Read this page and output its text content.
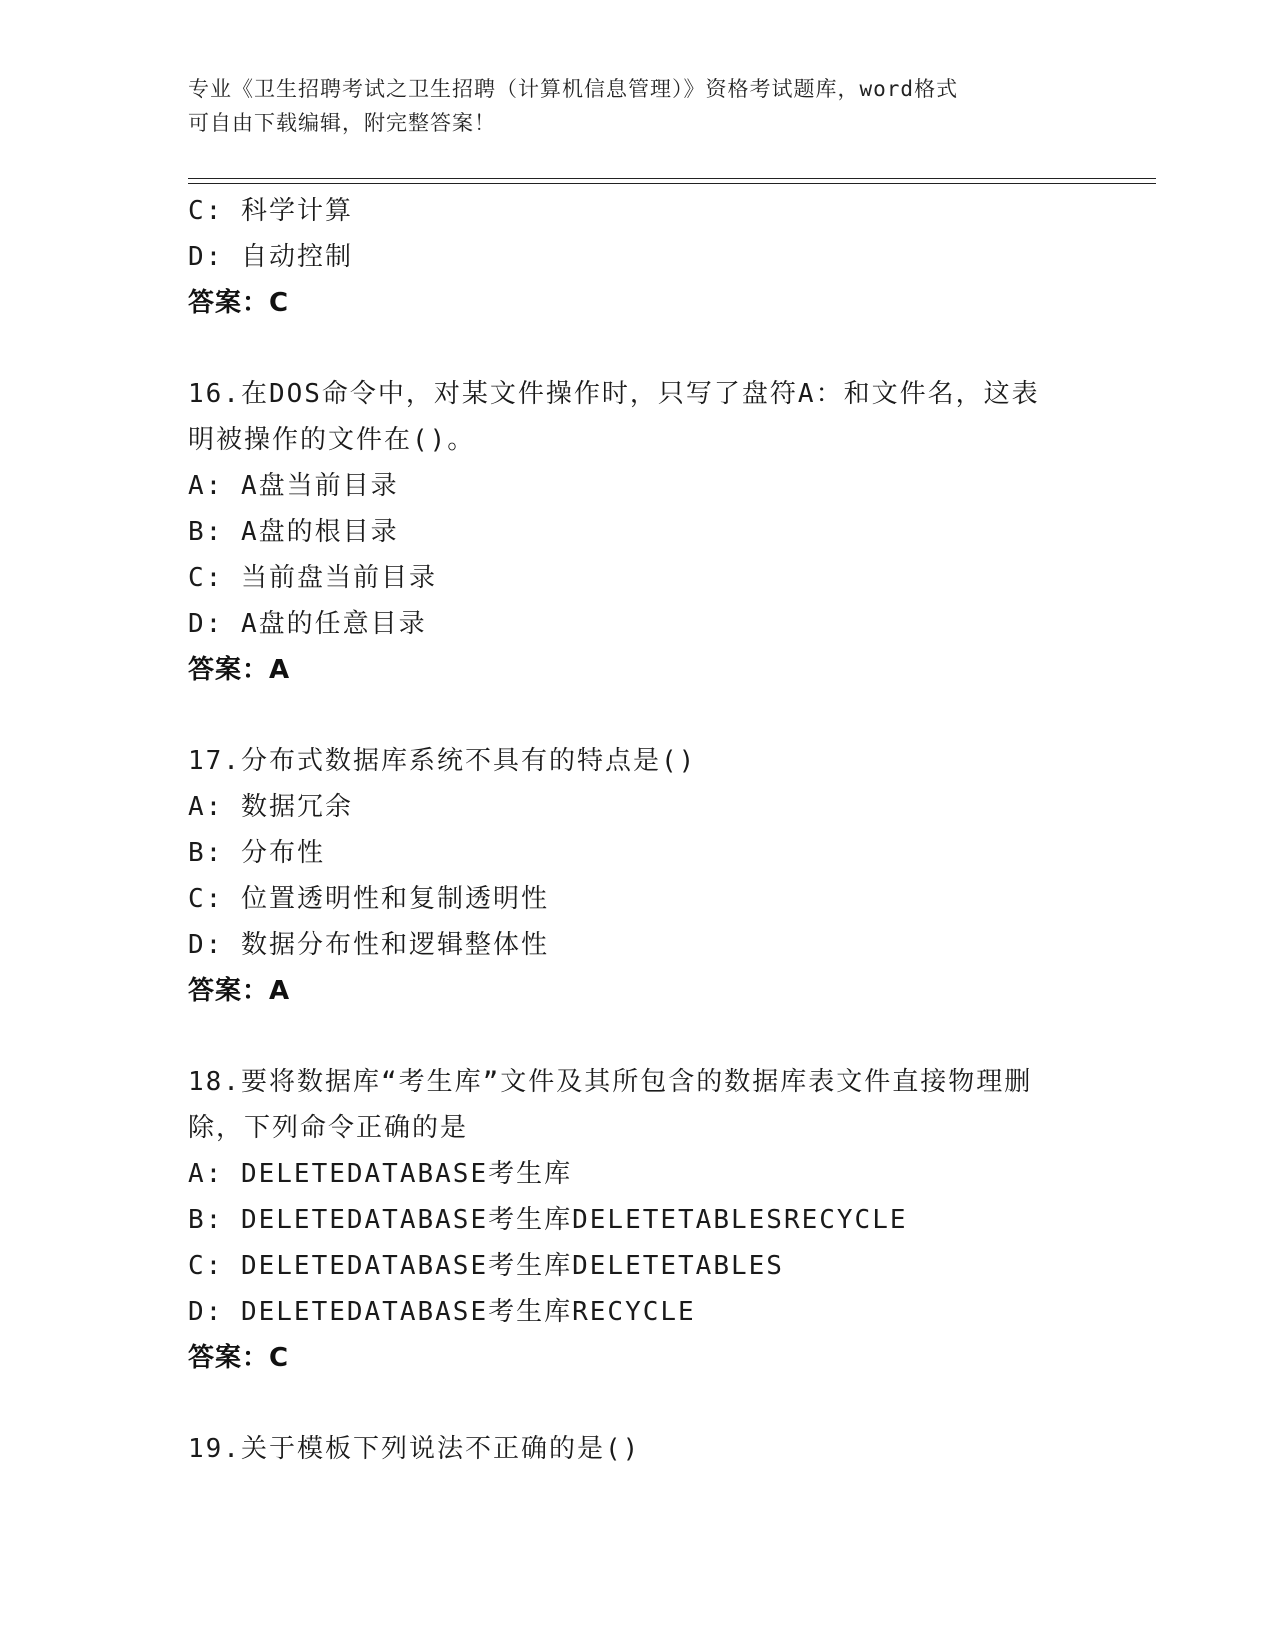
专业《卫生招聘考试之卫生招聘（计算机信息管理）》资格考试题库，word格式
可自由下载编辑，附完整答案！
C: 科学计算
D: 自动控制
答案：C
16.在DOS命令中，对某文件操作时，只写了盘符A：和文件名，这表
明被操作的文件在()。
A: A盘当前目录
B: A盘的根目录
C: 当前盘当前目录
D: A盘的任意目录
答案：A
17.分布式数据库系统不具有的特点是()
A: 数据冗余
B: 分布性
C: 位置透明性和复制透明性
D: 数据分布性和逻辑整体性
答案：A
18.要将数据库“考生库”文件及其所包含的数据库表文件直接物理删
除，下列命令正确的是
A: DELETEDATABASE考生库
B: DELETEDATABASE考生库DELETETABLESRECYCLE
C: DELETEDATABASE考生库DELETETABLES
D: DELETEDATABASE考生库RECYCLE
答案：C
19.关于模板下列说法不正确的是()
